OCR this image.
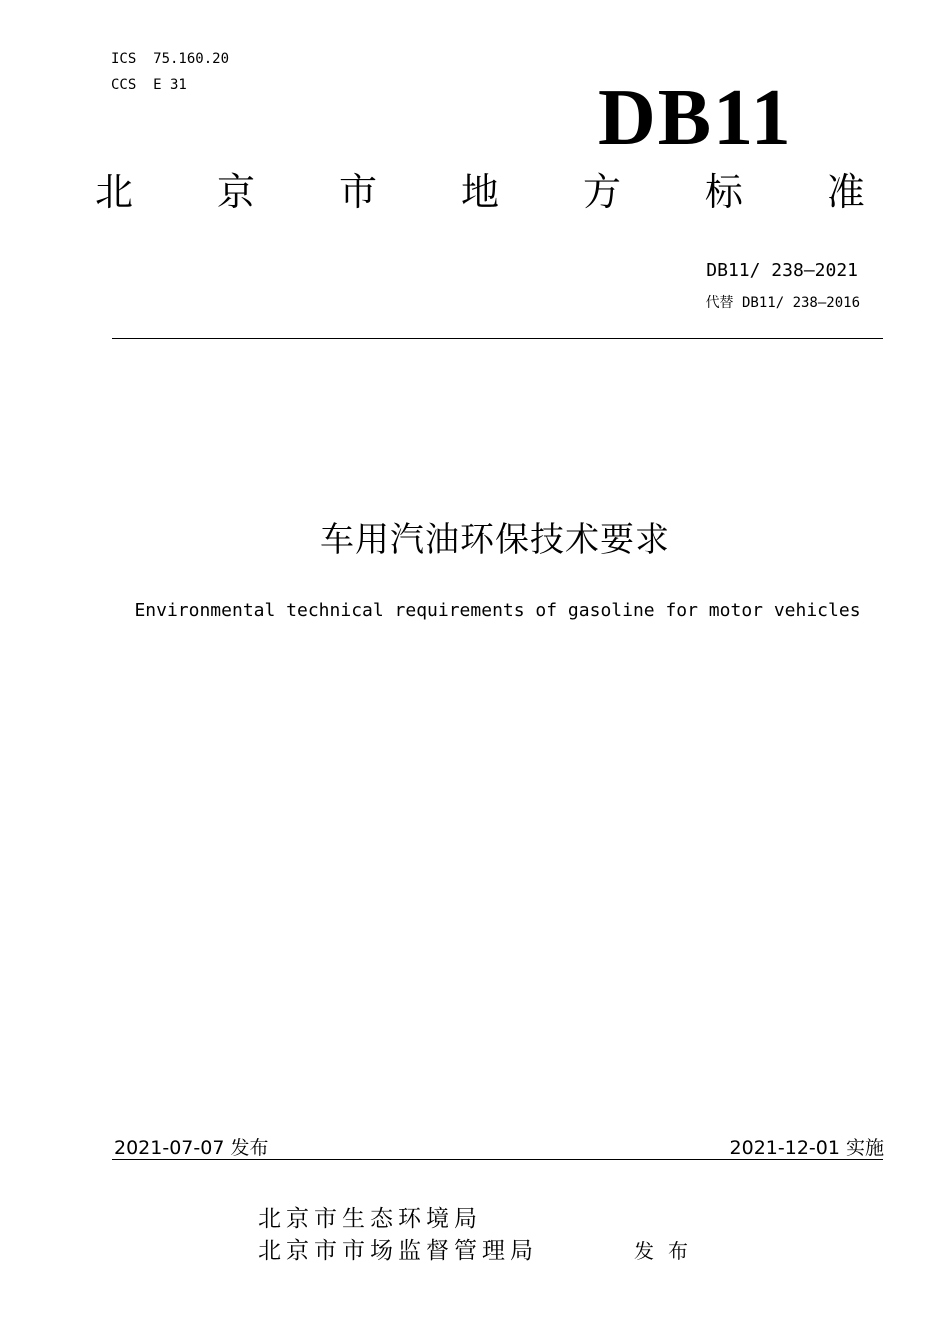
ICS  75.160.20
CCS  E 31	DB11
北 京 市 地 方 标 准
DB11/ 238—2021
代替 DB11/ 238—2016
车用汽油环保技术要求
Environmental technical requirements of gasoline for motor vehicles
2021-07-07 发布	2021-12-01 实施
北京市生态环境局
北京市市场监督管理局	发布
